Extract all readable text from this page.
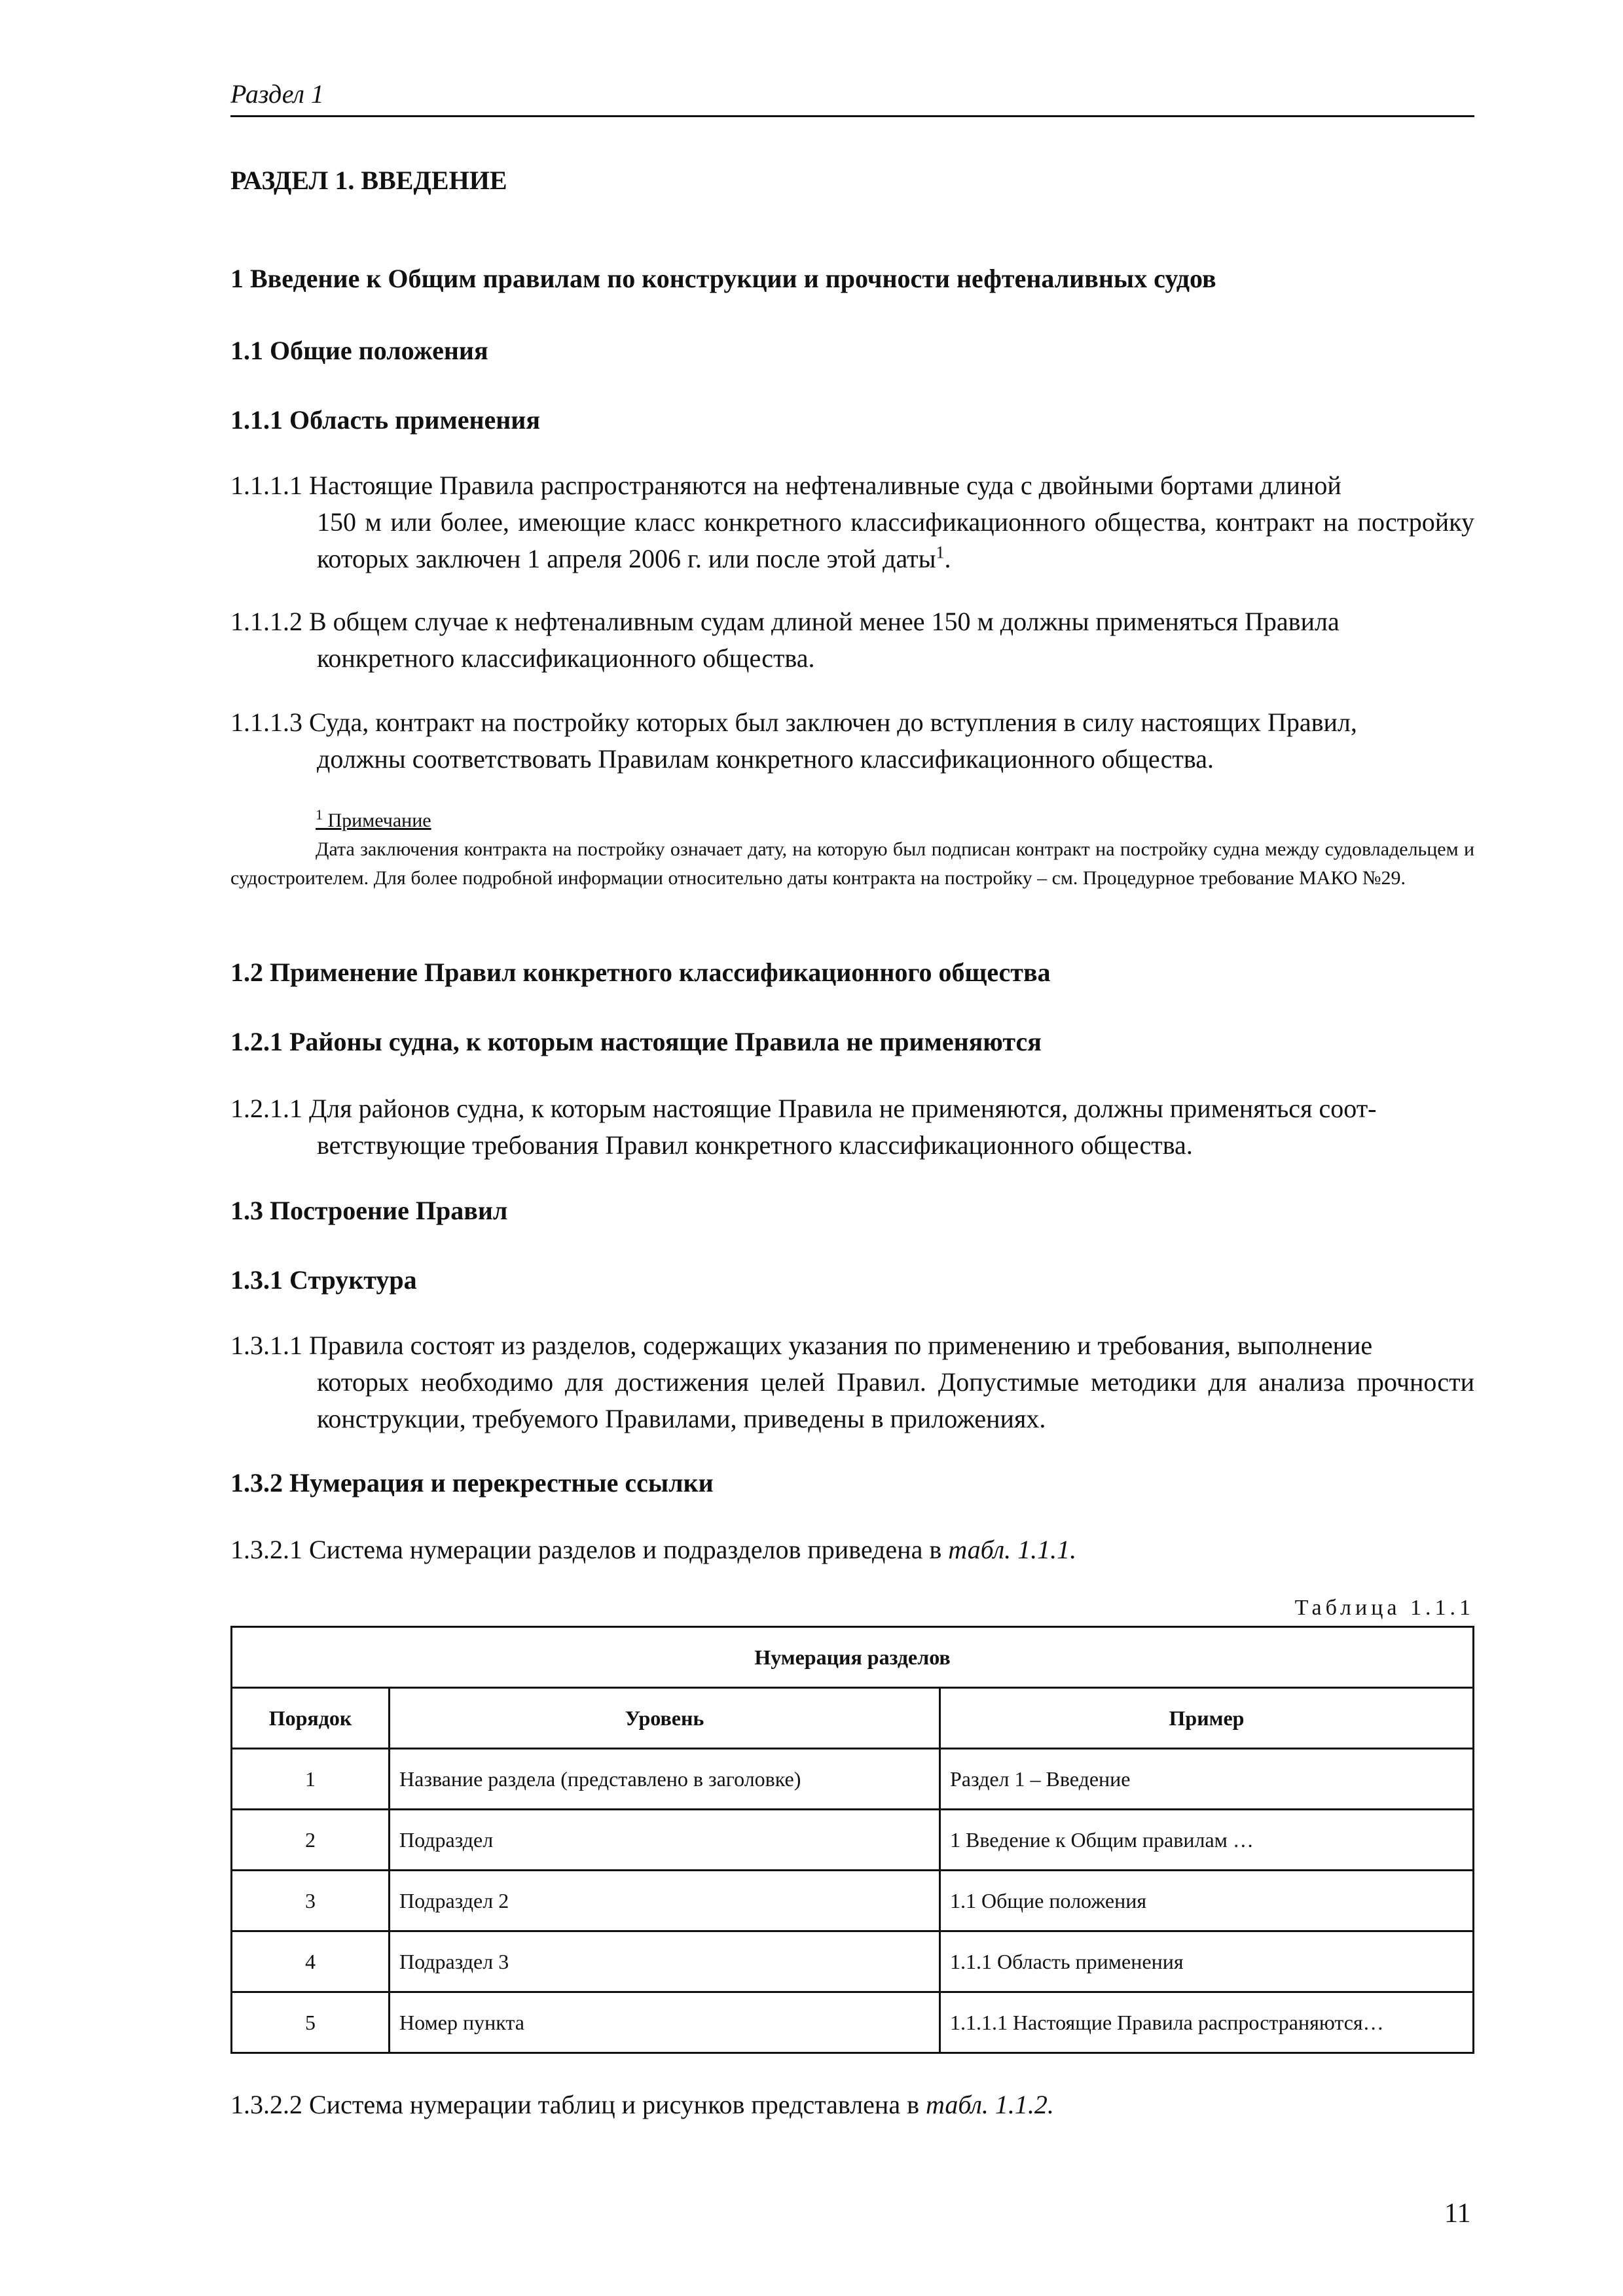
Раздел 1
РАЗДЕЛ 1. ВВЕДЕНИЕ
1 Введение к Общим правилам по конструкции и прочности нефтеналивных судов
1.1 Общие положения
1.1.1 Область применения
1.1.1.1 Настоящие Правила распространяются на нефтеналивные суда с двойными бортами длиной
150 м или более, имеющие класс конкретного классификационного общества, контракт на постройку которых заключен 1 апреля 2006 г. или после этой даты$^1$.
1.1.1.2 В общем случае к нефтеналивным судам длиной менее 150 м должны применяться Правила
конкретного классификационного общества.
1.1.1.3 Суда, контракт на постройку которых был заключен до вступления в силу настоящих Правил,
должны соответствовать Правилам конкретного классификационного общества.
$^1$ Примечание
Дата заключения контракта на постройку означает дату, на которую был подписан контракт на постройку судна между судовладельцем и судостроителем. Для более подробной информации относительно даты контракта на постройку – см. Процедурное требование МАКО №29.
1.2 Применение Правил конкретного классификационного общества
1.2.1 Районы судна, к которым настоящие Правила не применяются
1.2.1.1 Для районов судна, к которым настоящие Правила не применяются, должны применяться соот-
ветствующие требования Правил конкретного классификационного общества.
1.3 Построение Правил
1.3.1 Структура
1.3.1.1 Правила состоят из разделов, содержащих указания по применению и требования, выполнение
которых необходимо для достижения целей Правил. Допустимые методики для анализа прочности конструкции, требуемого Правилами, приведены в приложениях.
1.3.2 Нумерация и перекрестные ссылки
1.3.2.1 Система нумерации разделов и подразделов приведена в табл. 1.1.1.
Таблица 1.1.1
Нумерация разделов		
Порядок	Уровень	Пример
1	Название раздела (представлено в заголовке)	Раздел 1 – Введение
2	Подраздел	1 Введение к Общим правилам …
3	Подраздел 2	1.1 Общие положения
4	Подраздел 3	1.1.1 Область применения
5	Номер пункта	1.1.1.1 Настоящие Правила распространяются…
1.3.2.2 Система нумерации таблиц и рисунков представлена в табл. 1.1.2.
11
